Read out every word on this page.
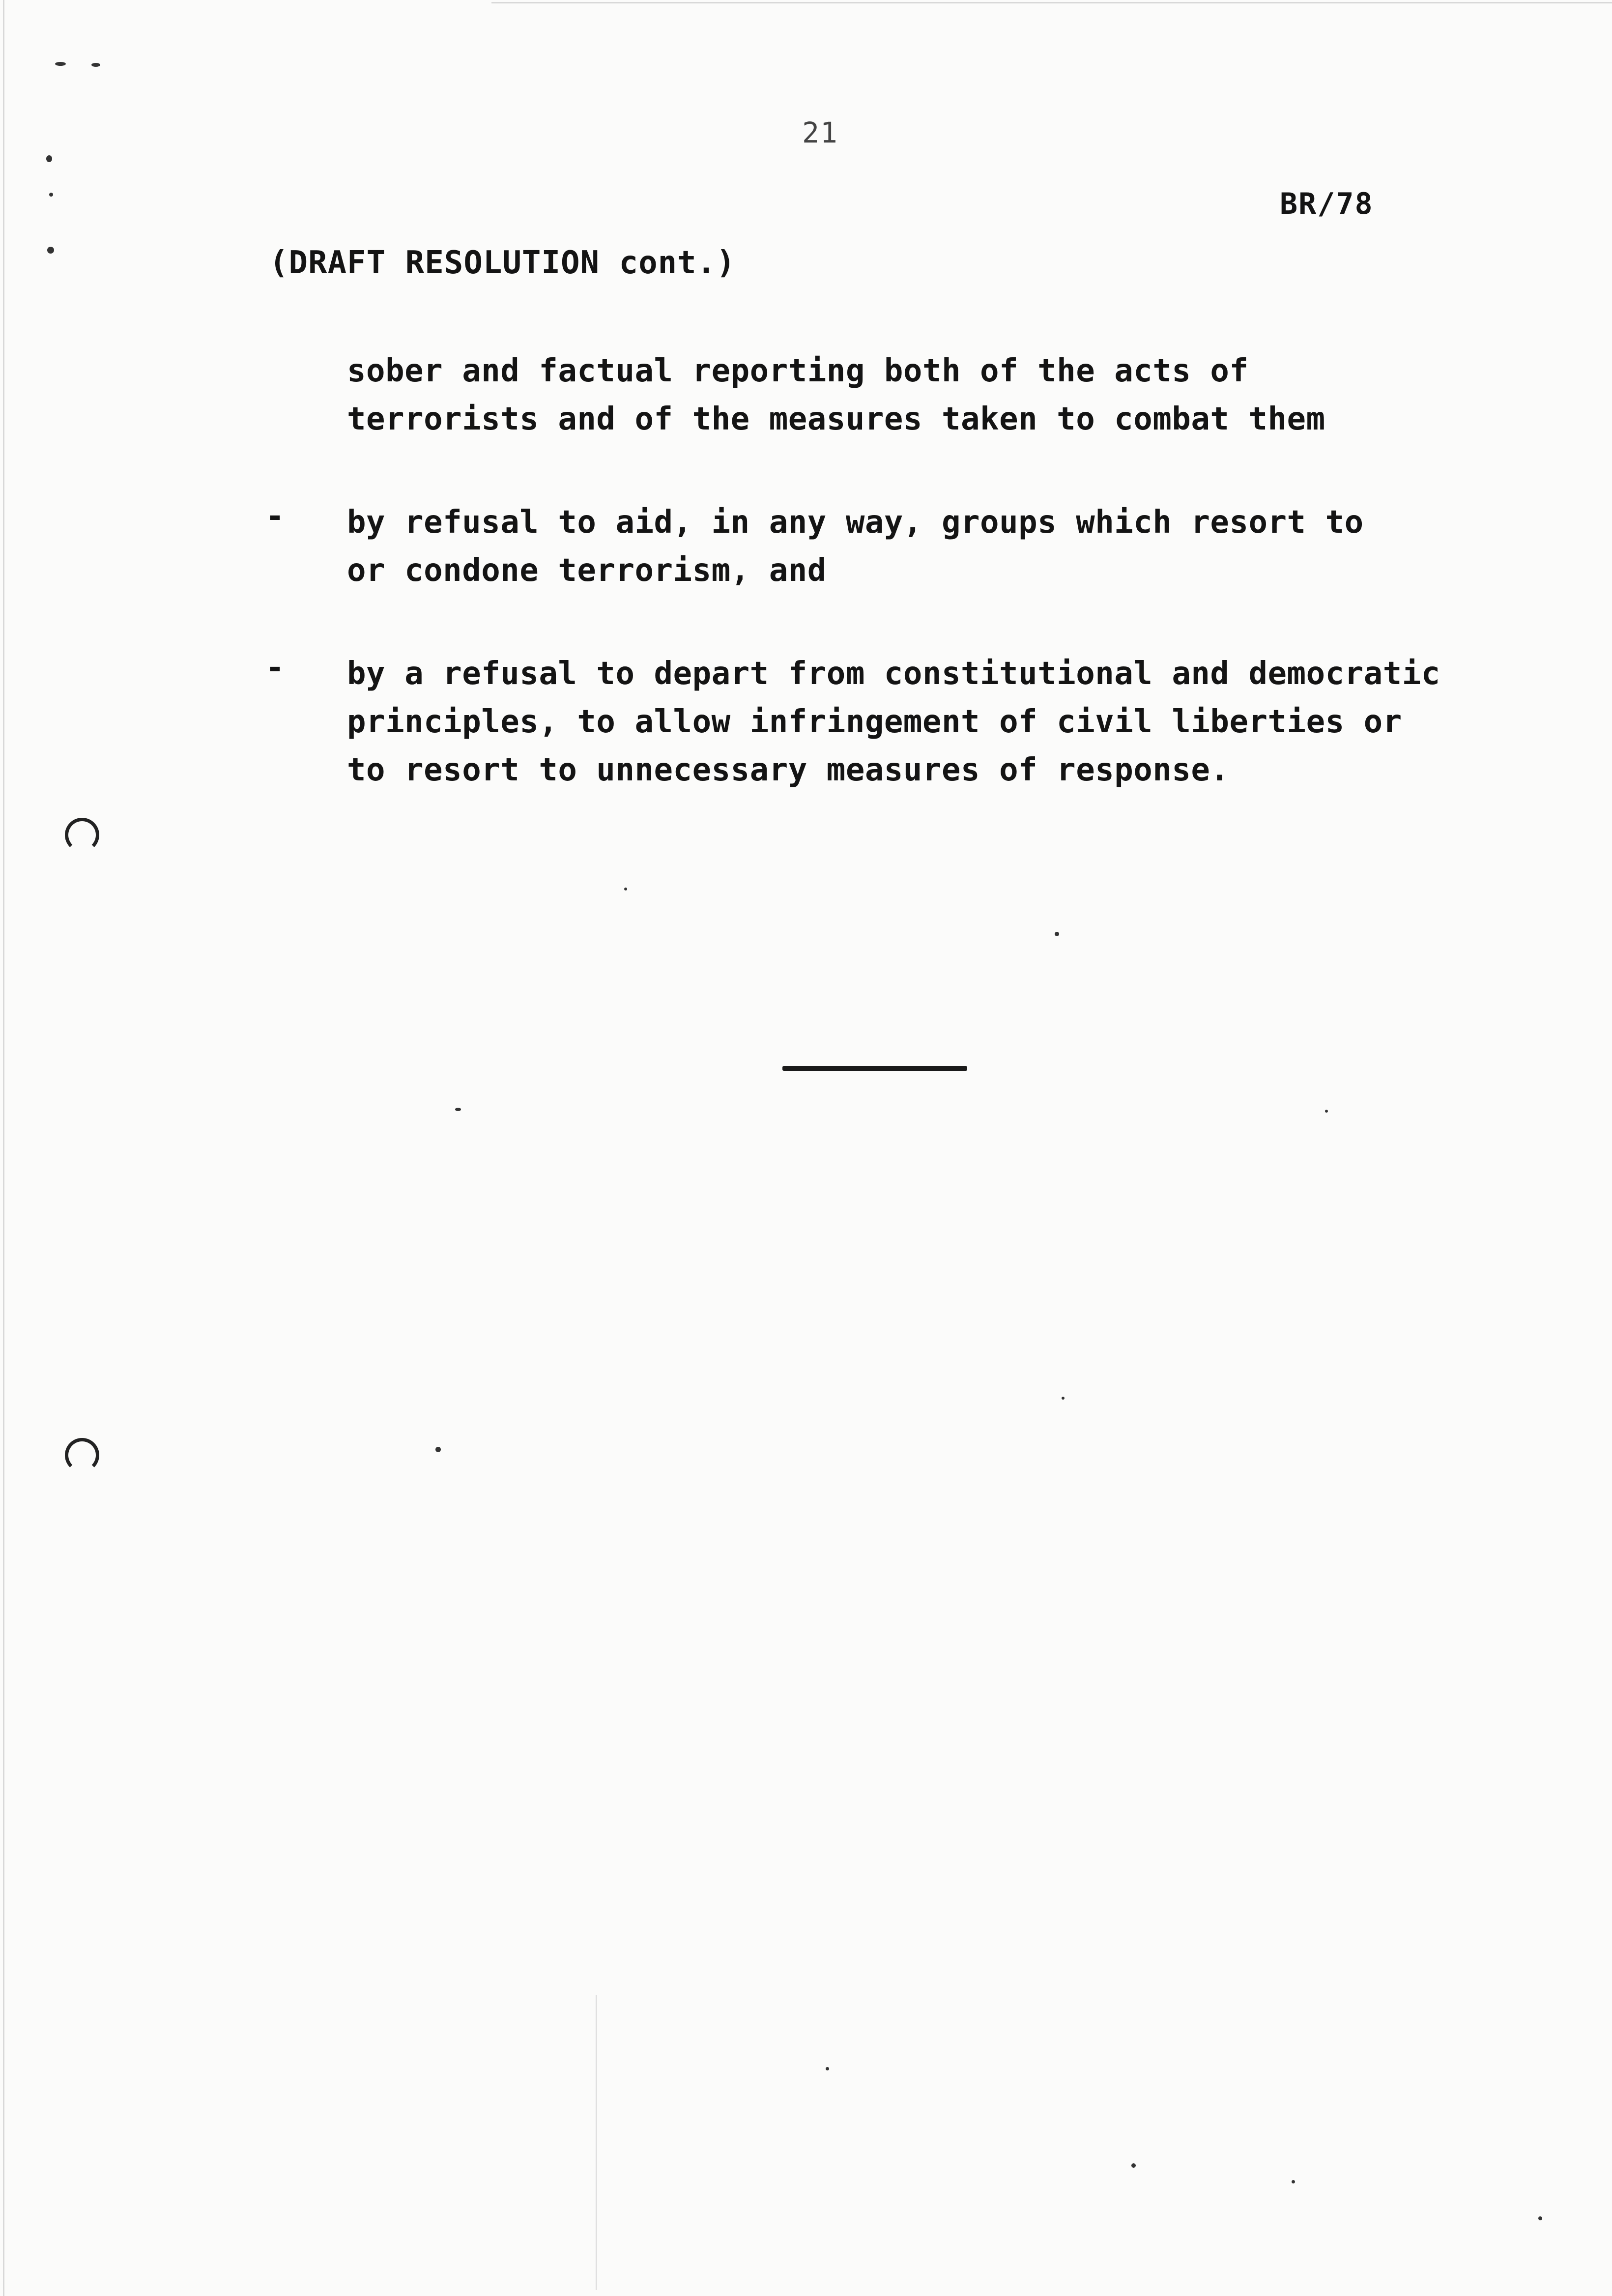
21
BR/78
(DRAFT RESOLUTION cont.)
sober and factual reporting both of the acts of
terrorists and of the measures taken to combat them
- by refusal to aid, in any way, groups which resort to
or condone terrorism, and
- by a refusal to depart from constitutional and democratic
principles, to allow infringement of civil liberties or
to resort to unnecessary measures of response.
